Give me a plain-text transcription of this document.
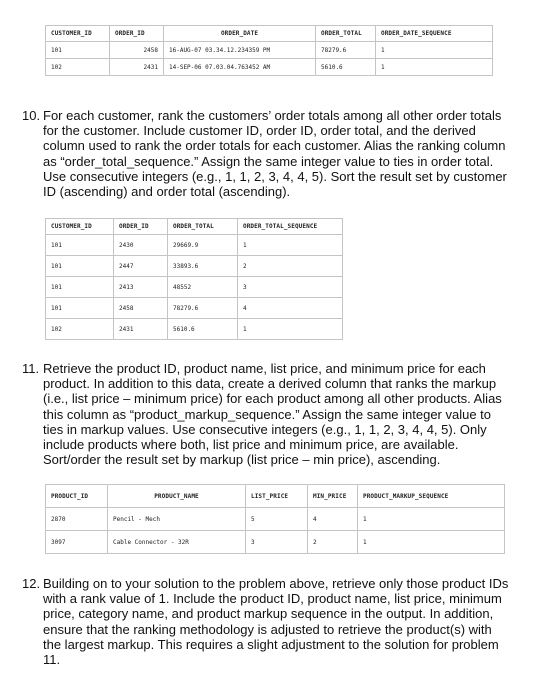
CUSTOMER_ID	ORDER_ID	ORDER_DATE	ORDER_TOTAL	ORDER_DATE_SEQUENCE
101	2458	16-AUG-07 03.34.12.234359 PM	78279.6	1
102	2431	14-SEP-06 07.03.04.763452 AM	5610.6	1
10. For each customer, rank the customers’ order totals among all other order totals for the customer. Include customer ID, order ID, order total, and the derived column used to rank the order totals for each customer. Alias the ranking column as “order_total_sequence.” Assign the same integer value to ties in order total. Use consecutive integers (e.g., 1, 1, 2, 3, 4, 4, 5). Sort the result set by customer ID (ascending) and order total (ascending).
CUSTOMER_ID	ORDER_ID	ORDER_TOTAL	ORDER_TOTAL_SEQUENCE
101	2430	29669.9	1
101	2447	33893.6	2
101	2413	48552	3
101	2458	78279.6	4
102	2431	5610.6	1
11. Retrieve the product ID, product name, list price, and minimum price for each product. In addition to this data, create a derived column that ranks the markup (i.e., list price – minimum price) for each product among all other products. Alias this column as “product_markup_sequence.” Assign the same integer value to ties in markup values. Use consecutive integers (e.g., 1, 1, 2, 3, 4, 4, 5). Only include products where both, list price and minimum price, are available. Sort/order the result set by markup (list price – min price), ascending.
PRODUCT_ID	PRODUCT_NAME	LIST_PRICE	MIN_PRICE	PRODUCT_MARKUP_SEQUENCE
2870	Pencil - Mech	5	4	1
3097	Cable Connector - 32R	3	2	1
12. Building on to your solution to the problem above, retrieve only those product IDs with a rank value of 1. Include the product ID, product name, list price, minimum price, category name, and product markup sequence in the output. In addition, ensure that the ranking methodology is adjusted to retrieve the product(s) with the largest markup. This requires a slight adjustment to the solution for problem 11.
